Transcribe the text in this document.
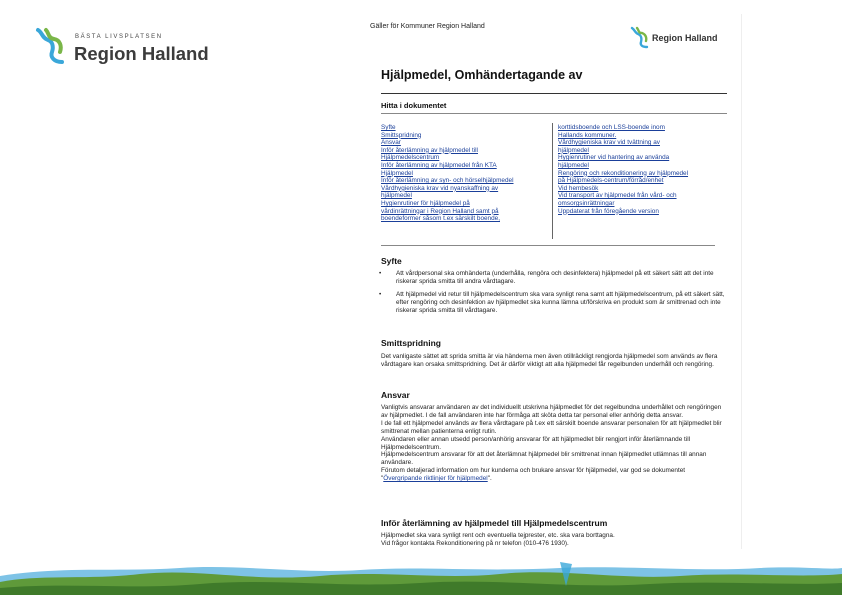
BÄSTA LIVSPLATSEN
Region Halland
Gäller för Kommuner Region Halland
Region Halland
Hjälpmedel, Omhändertagande av
Hitta i dokumentet
Syfte
Smittspridning
Ansvar
Inför återlämning av hjälpmedel till
Hjälpmedelscentrum
Inför återlämning av hjälpmedel från KTA
Hjälpmedel
Inför återlämning av syn- och hörselhjälpmedel
Vårdhygieniska krav vid nyanskaffning av
hjälpmedel
Hygienrutiner för hjälpmedel på
vårdinrättningar i Region Halland samt på
boendeformer såsom t.ex särskilt boende,
korttidsboende och LSS-boende inom
Hallands kommuner.
Vårdhygieniska krav vid tvättning av
hjälpmedel
Hygienrutiner vid hantering av använda
hjälpmedel
Rengöring och rekonditionering av hjälpmedel
på Hjälpmedels-centrum/förråd/enhet
Vid hembesök
Vid transport av hjälpmedel från vård- och
omsorgsinrättningar
Uppdaterat från föregående version
Syfte
• Att vårdpersonal ska omhänderta (underhålla, rengöra och desinfektera) hjälpmedel på ett säkert sätt att det inte riskerar sprida smitta till andra vårdtagare.
• Att hjälpmedel vid retur till hjälpmedelscentrum ska vara synligt rena samt att hjälpmedelscentrum, på ett säkert sätt, efter rengöring och desinfektion av hjälpmedlet ska kunna lämna ut/förskriva en produkt som är smittrenad och inte riskerar sprida smitta till vårdtagare.
Smittspridning
Det vanligaste sättet att sprida smitta är via händerna men även otillräckligt rengjorda hjälpmedel som används av flera vårdtagare kan orsaka smittspridning. Det är därför viktigt att alla hjälpmedel får regelbunden underhåll och rengöring.
Ansvar
Vanligtvis ansvarar användaren av det individuellt utskrivna hjälpmedlet för det regelbundna underhållet och rengöringen av hjälpmedlet. I de fall användaren inte har förmåga att sköta detta tar personal eller anhörig detta ansvar.
I de fall ett hjälpmedel används av flera vårdtagare på t.ex ett särskilt boende ansvarar personalen för att hjälpmedlet blir smittrenat mellan patienterna enligt rutin.
Användaren eller annan utsedd person/anhörig ansvarar för att hjälpmedlet blir rengjort inför återlämnande till Hjälpmedelscentrum.
Hjälpmedelscentrum ansvarar för att det återlämnat hjälpmedel blir smittrenat innan hjälpmedlet utlämnas till annan användare.
Förutom detaljerad information om hur kunderna och brukare ansvar för hjälpmedel, var god se dokumentet "Övergripande riktlinjer för hjälpmedel".
Inför återlämning av hjälpmedel till Hjälpmedelscentrum
Hjälpmedlet ska vara synligt rent och eventuella tejprester, etc. ska vara borttagna.
Vid frågor kontakta Rekonditionering på nr telefon (010-476 1930).
